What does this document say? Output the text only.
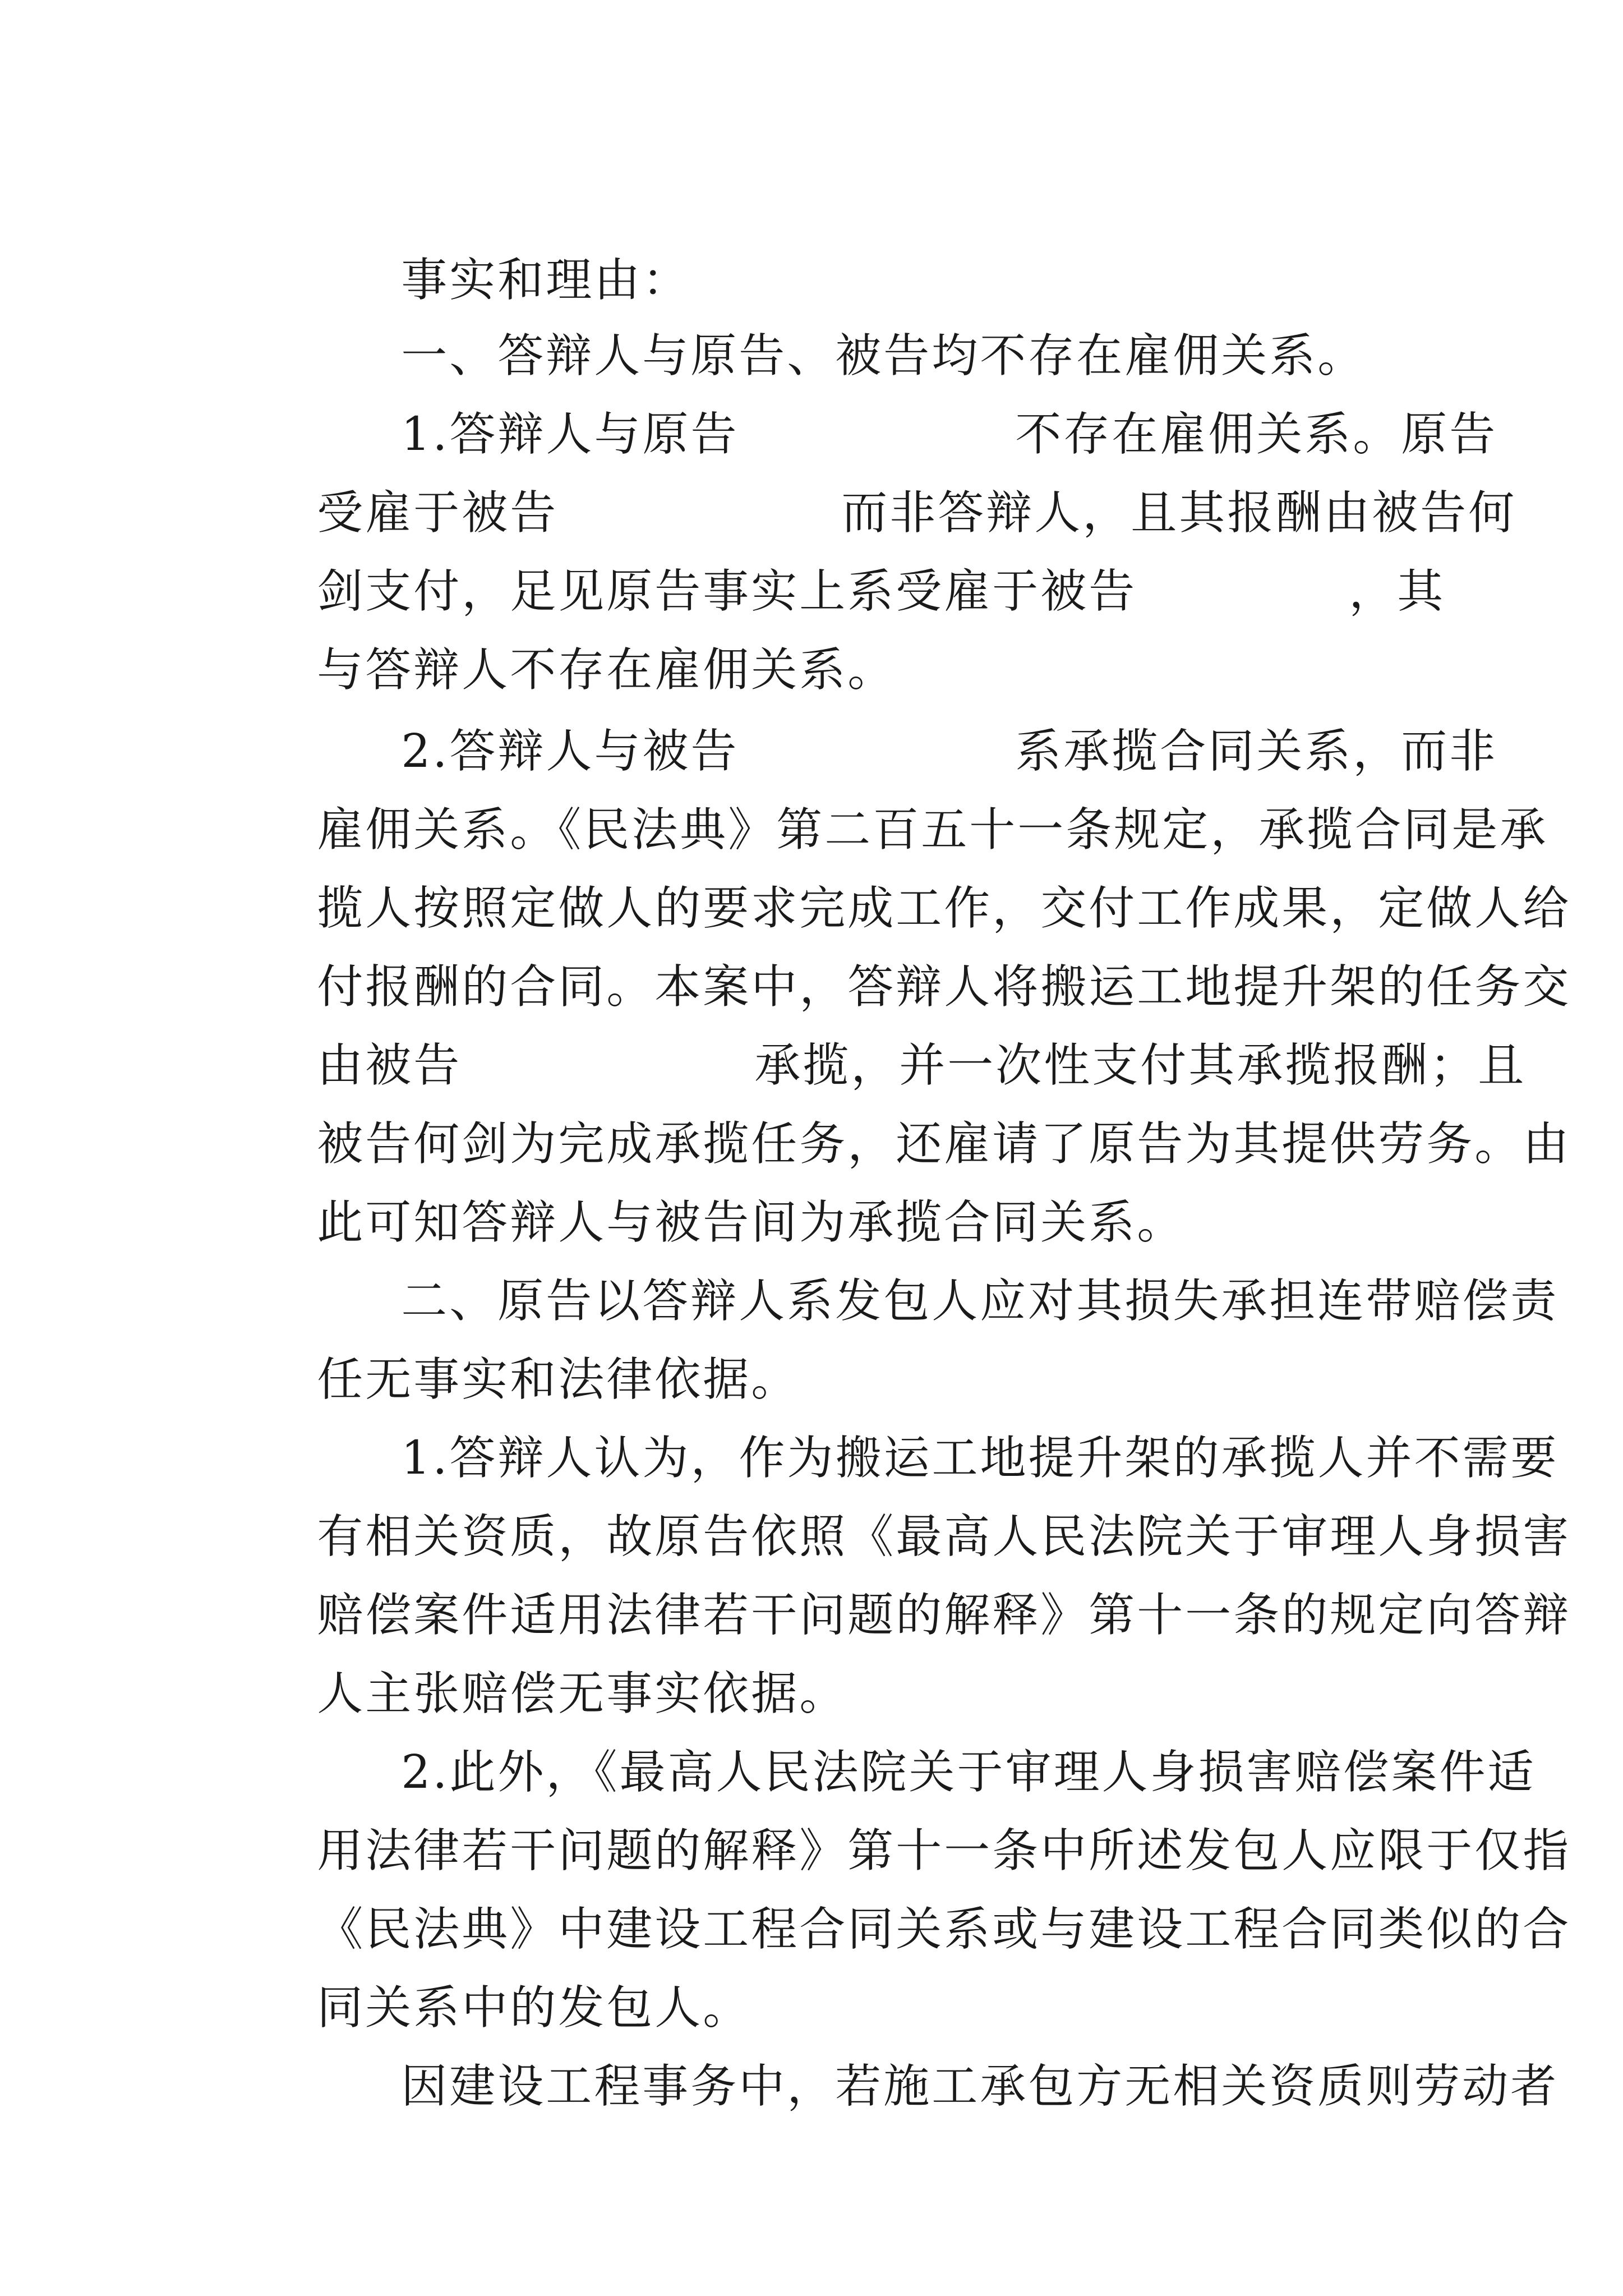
事实和理由：

一、答辩人与原告、被告均不存在雇佣关系。

1.答辩人与原告
	不存在雇佣关系。原告

受雇于被告
	而非答辩人，且其报酬由被告何

剑支付，足见原告事实上系受雇于被告
	，其

与答辩人不存在雇佣关系。

2.答辩人与被告
	系承揽合同关系，而非

雇佣关系。《民法典》第二百五十一条规定，承揽合同是承

揽人按照定做人的要求完成工作，交付工作成果，定做人给

付报酬的合同。本案中，答辩人将搬运工地提升架的任务交

由被告
	承揽，并一次性支付其承揽报酬；且

被告何剑为完成承揽任务，还雇请了原告为其提供劳务。由

此可知答辩人与被告间为承揽合同关系。

二、原告以答辩人系发包人应对其损失承担连带赔偿责

任无事实和法律依据。

1.答辩人认为，作为搬运工地提升架的承揽人并不需要

有相关资质，故原告依照《最高人民法院关于审理人身损害

赔偿案件适用法律若干问题的解释》第十一条的规定向答辩

人主张赔偿无事实依据。

2.此外，《最高人民法院关于审理人身损害赔偿案件适

用法律若干问题的解释》第十一条中所述发包人应限于仅指

《民法典》中建设工程合同关系或与建设工程合同类似的合

同关系中的发包人。

因建设工程事务中，若施工承包方无相关资质则劳动者
